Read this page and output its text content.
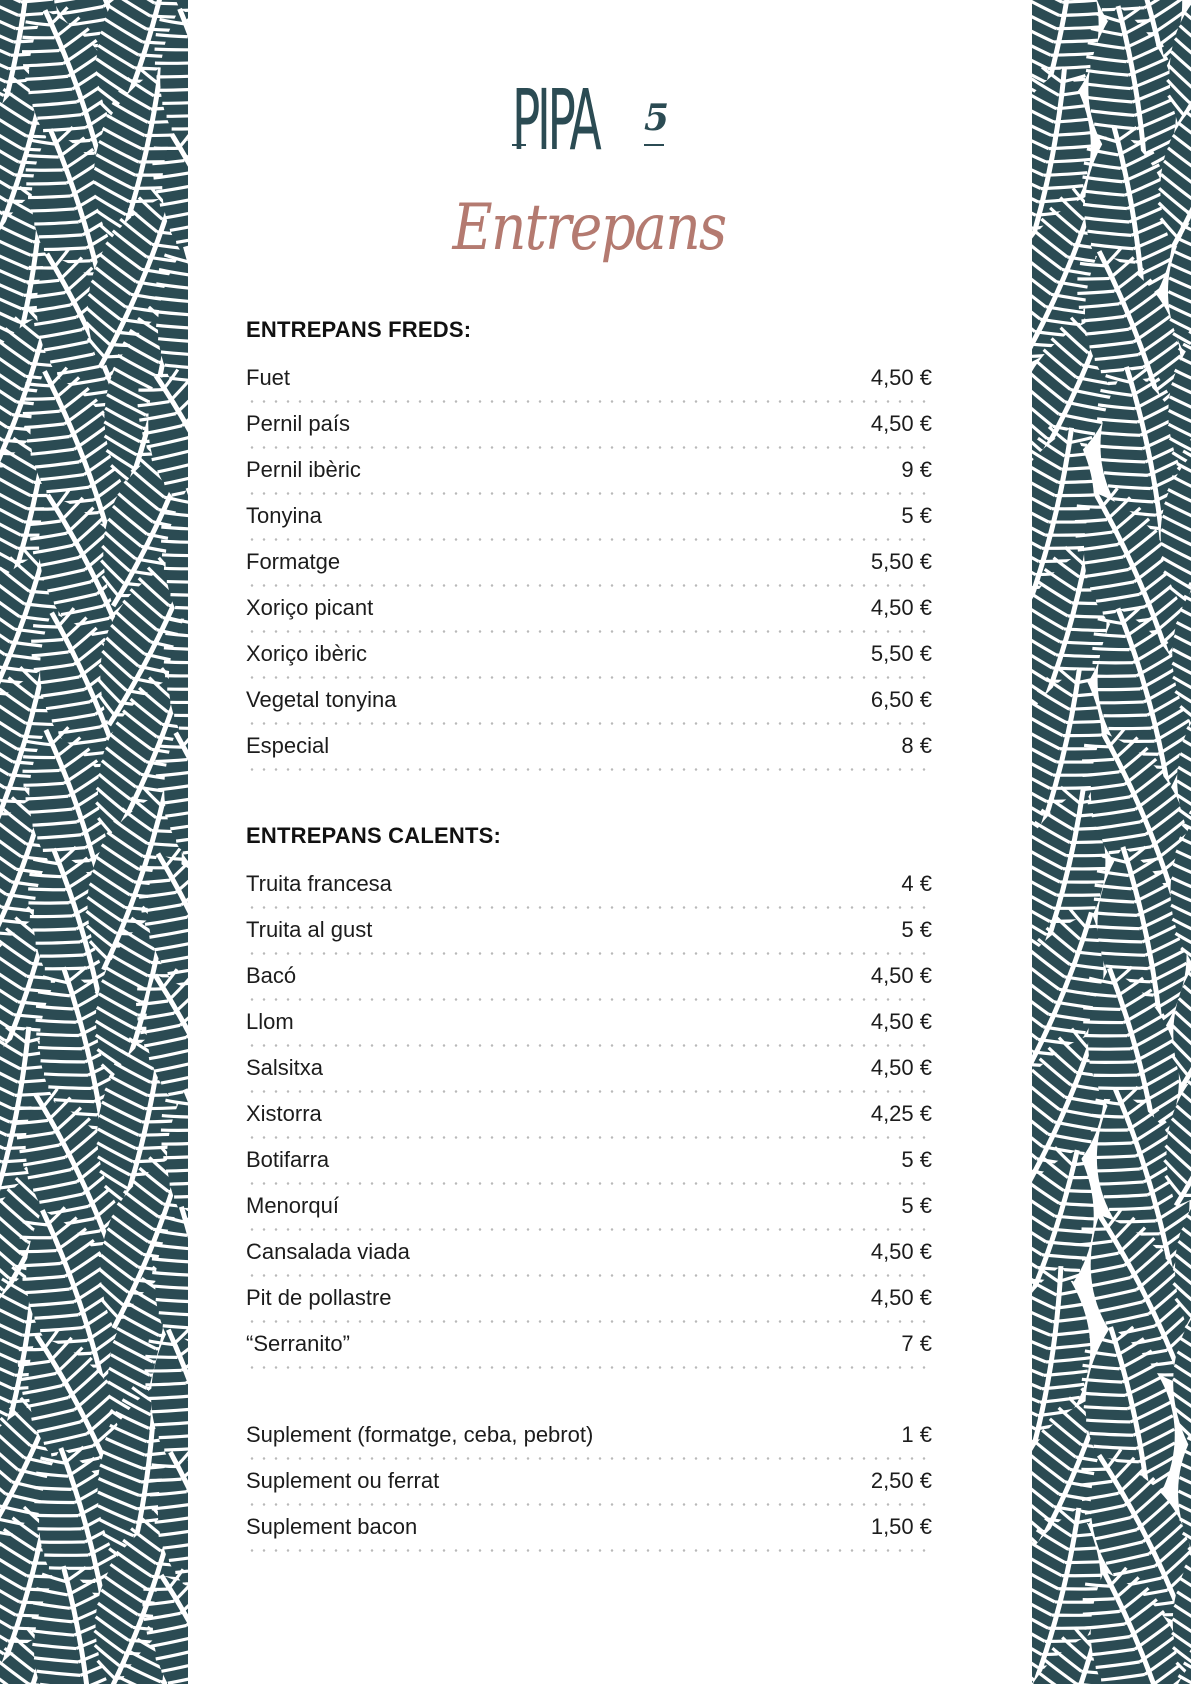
PIPA 5
Entrepans
ENTREPANS FREDS:
Fuet	4,50 €
Pernil país	4,50 €
Pernil ibèric	9 €
Tonyina	5 €
Formatge	5,50 €
Xoriço picant	4,50 €
Xoriço ibèric	5,50 €
Vegetal tonyina	6,50 €
Especial	8 €
ENTREPANS CALENTS:
Truita francesa	4 €
Truita al gust	5 €
Bacó	4,50 €
Llom	4,50 €
Salsitxa	4,50 €
Xistorra	4,25 €
Botifarra	5 €
Menorquí	5 €
Cansalada viada	4,50 €
Pit de pollastre	4,50 €
“Serranito”	7 €
Suplement (formatge, ceba, pebrot)	1 €
Suplement ou ferrat	2,50 €
Suplement bacon	1,50 €
